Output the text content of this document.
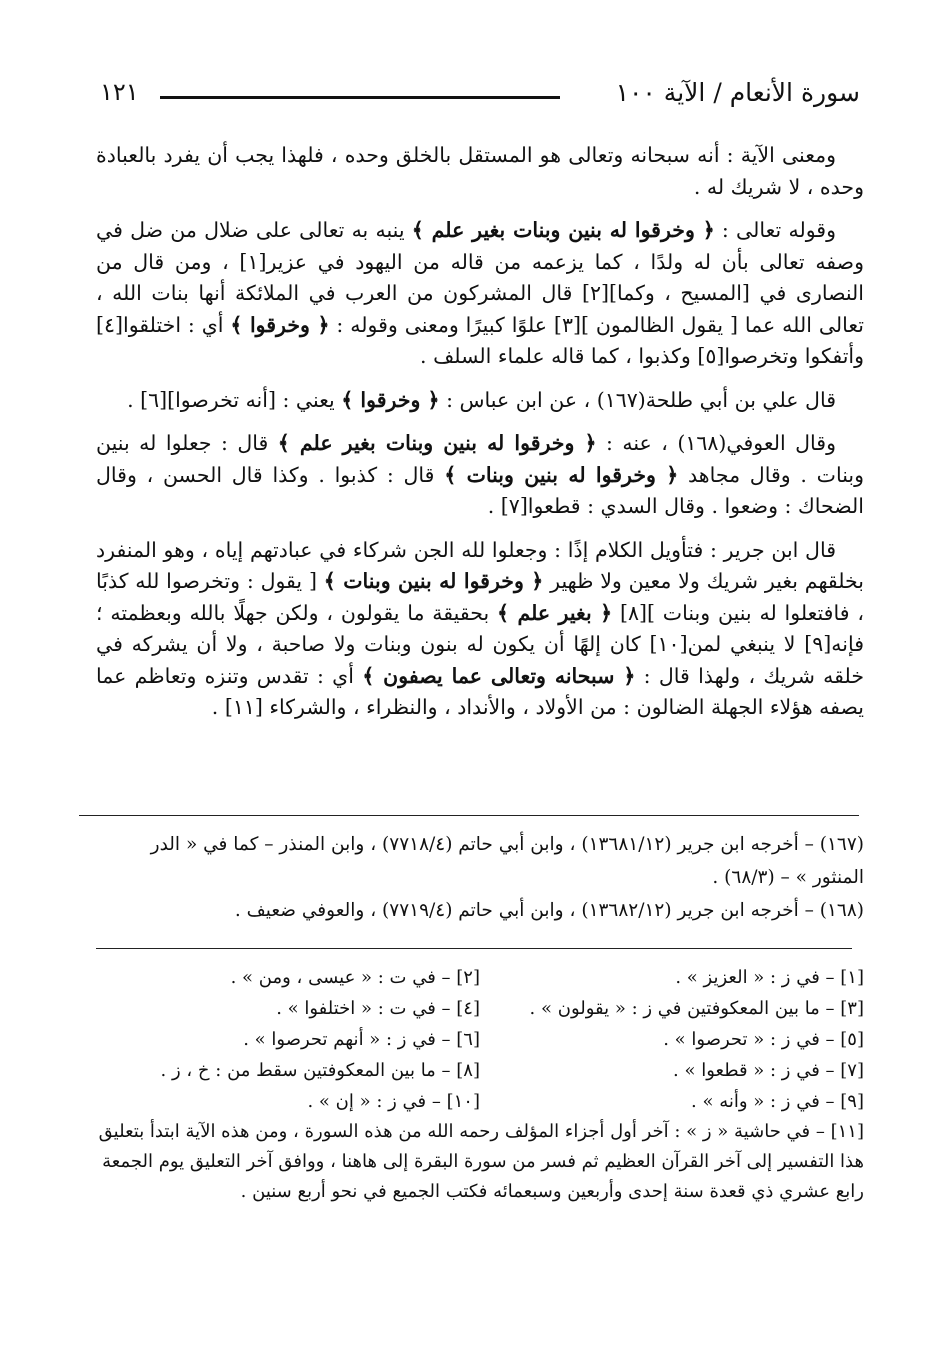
سورة الأنعام / الآية ١٠٠
١٢١

ومعنى الآية : أنه سبحانه وتعالى هو المستقل بالخلق وحده ، فلهذا يجب أن يفرد بالعبادة وحده ، لا شريك له .

وقوله تعالى : ﴿ وخرقوا له بنين وبنات بغير علم ﴾ ينبه به تعالى على ضلال من ضل في وصفه تعالى بأن له ولدًا ، كما يزعمه من قاله من اليهود في عزير[١] ، ومن قال من النصارى في [المسيح ، وكما][٢] قال المشركون من العرب في الملائكة أنها بنات الله ، تعالى الله عما [ يقول الظالمون ][٣] علوًا كبيرًا ومعنى وقوله : ﴿ وخرقوا ﴾ أي : اختلقوا[٤] وأتفكوا وتخرصوا[٥] وكذبوا ، كما قاله علماء السلف .

قال علي بن أبي طلحة(١٦٧) ، عن ابن عباس : ﴿ وخرقوا ﴾ يعني : [أنه تخرصوا][٦] .

وقال العوفي(١٦٨) ، عنه : ﴿ وخرقوا له بنين وبنات بغير علم ﴾ قال : جعلوا له بنين وبنات . وقال مجاهد ﴿ وخرقوا له بنين وبنات ﴾ قال : كذبوا . وكذا قال الحسن ، وقال الضحاك : وضعوا . وقال السدي : قطعوا[٧] .

قال ابن جرير : فتأويل الكلام إذًا : وجعلوا لله الجن شركاء في عبادتهم إياه ، وهو المنفرد بخلقهم بغير شريك ولا معين ولا ظهير ﴿ وخرقوا له بنين وبنات ﴾ [ يقول : وتخرصوا لله كذبًا ، فافتعلوا له بنين وبنات ][٨] ﴿ بغير علم ﴾ بحقيقة ما يقولون ، ولكن جهلًا بالله وبعظمته ؛ فإنه[٩] لا ينبغي لمن[١٠] كان إلهًا أن يكون له بنون وبنات ولا صاحبة ، ولا أن يشركه في خلقه شريك ، ولهذا قال : ﴿ سبحانه وتعالى عما يصفون ﴾ أي : تقدس وتنزه وتعاظم عما يصفه هؤلاء الجهلة الضالون : من الأولاد ، والأنداد ، والنظراء ، والشركاء [١١] .

(١٦٧) – أخرجه ابن جرير (١٣٦٨١/١٢) ، وابن أبي حاتم (٧٧١٨/٤) ، وابن المنذر – كما في « الدر المنثور » – (٦٨/٣) .

(١٦٨) – أخرجه ابن جرير (١٣٦٨٢/١٢) ، وابن أبي حاتم (٧٧١٩/٤) ، والعوفي ضعيف .

[١] – في ز : « العزيز » .
[٢] – في ت : « عيسى ، ومن » .
[٣] – ما بين المعكوفتين في ز : « يقولون » .
[٤] – في ت : « اختلفوا » .
[٥] – في ز : « تحرصوا » .
[٦] – في ز : « أنهم تحرصوا » .
[٧] – في ز : « قطعوا » .
[٨] – ما بين المعكوفتين سقط من : خ ، ز .
[٩] – في ز : « وأنه » .
[١٠] – في ز : « إن » .

[١١] – في حاشية « ز » : آخر أول أجزاء المؤلف رحمه الله من هذه السورة ، ومن هذه الآية ابتدأ بتعليق هذا التفسير إلى آخر القرآن العظيم ثم فسر من سورة البقرة إلى هاهنا ، ووافق آخر التعليق يوم الجمعة رابع عشري ذي قعدة سنة إحدى وأربعين وسبعمائه فكتب الجميع في نحو أربع سنين .
